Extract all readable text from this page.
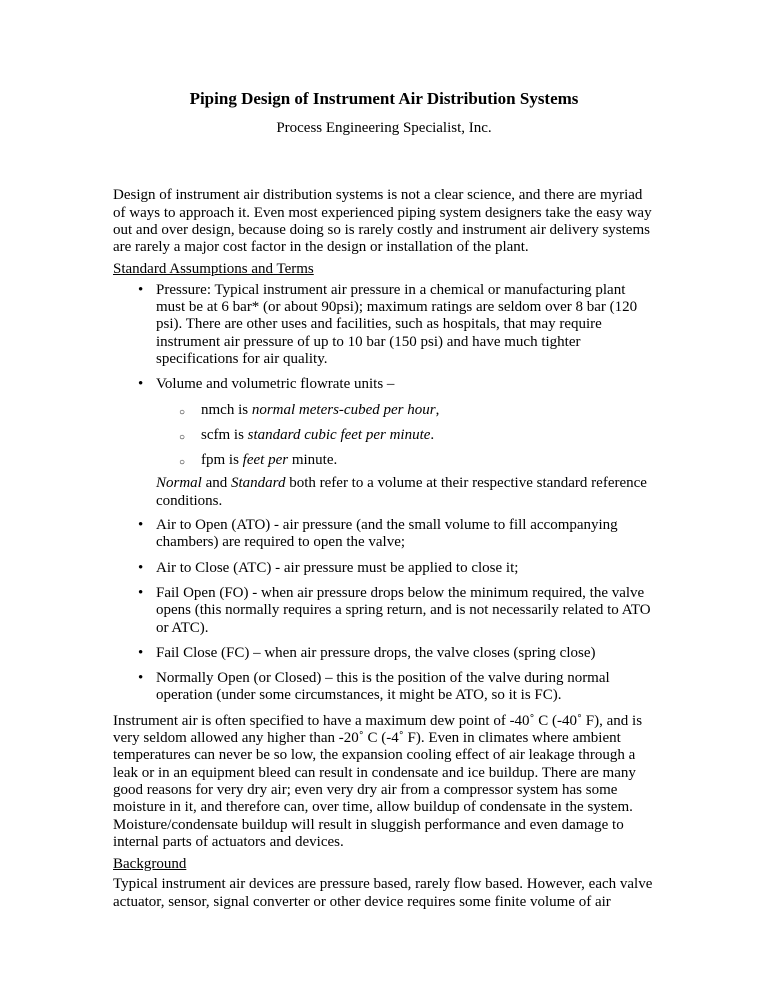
Piping Design of Instrument Air Distribution Systems
Process Engineering Specialist, Inc.

Design of instrument air distribution systems is not a clear science, and there are myriad of ways to approach it. Even most experienced piping system designers take the easy way out and over design, because doing so is rarely costly and instrument air delivery systems are rarely a major cost factor in the design or installation of the plant.

Standard Assumptions and Terms
• Pressure: Typical instrument air pressure in a chemical or manufacturing plant must be at 6 bar* (or about 90psi); maximum ratings are seldom over 8 bar (120 psi). There are other uses and facilities, such as hospitals, that may require instrument air pressure of up to 10 bar (150 psi) and have much tighter specifications for air quality.
• Volume and volumetric flowrate units –
○ nmch is normal meters-cubed per hour,
○ scfm is standard cubic feet per minute.
○ fpm is feet per minute.

Normal and Standard both refer to a volume at their respective standard reference conditions.

• Air to Open (ATO) - air pressure (and the small volume to fill accompanying chambers) are required to open the valve;
• Air to Close (ATC) - air pressure must be applied to close it;
• Fail Open (FO) - when air pressure drops below the minimum required, the valve opens (this normally requires a spring return, and is not necessarily related to ATO or ATC).
• Fail Close (FC) – when air pressure drops, the valve closes (spring close)
• Normally Open (or Closed) – this is the position of the valve during normal operation (under some circumstances, it might be ATO, so it is FC).

Instrument air is often specified to have a maximum dew point of -40˚ C (-40˚ F), and is very seldom allowed any higher than -20˚ C (-4˚ F). Even in climates where ambient temperatures can never be so low, the expansion cooling effect of air leakage through a leak or in an equipment bleed can result in condensate and ice buildup. There are many good reasons for very dry air; even very dry air from a compressor system has some moisture in it, and therefore can, over time, allow buildup of condensate in the system. Moisture/condensate buildup will result in sluggish performance and even damage to internal parts of actuators and devices.

Background

Typical instrument air devices are pressure based, rarely flow based. However, each valve actuator, sensor, signal converter or other device requires some finite volume of air
